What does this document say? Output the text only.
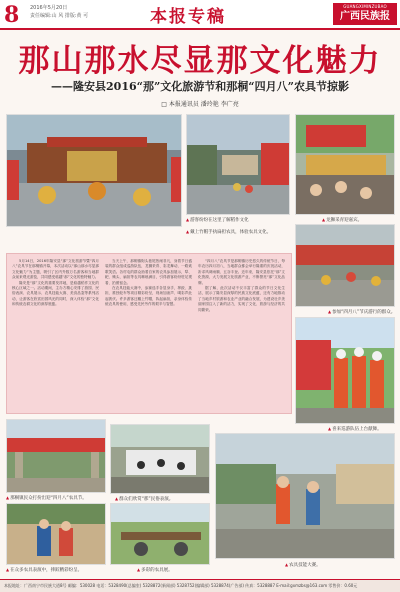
8 2016年5月20日
责任编辑:山 风 排版:黄 可	本报专稿
GUANGXIMINZUBAO
广西民族报
那山那水尽显那文化魅力
——隆安县2016“那”文化旅游节和那桐“四月八”农具节掠影
□ 本报通讯员 潘玲艳 李广亮
▲ 游客纷纷在这里了解稻作文化
▲	龙狮采青迎嘉宾。
▲ 参加“四月八”节庆游行的群众。

5月14日，2016年隆安县“那”文化旅游节暨“四月八”农具节在那桐镇开幕，本次活动以“那山那水尽显那文化魅力”为主题，吸引了区内外数万名游客和当地群众前来观光游览，共同感受骆越“那”文化的独特魅力。

隆安是“那”文化的重要发祥地，是骆越稻作文化的核心区域之一。活动期间，主办方精心安排了游园、民俗表演、农具展示、农具技能大赛、美食品鉴等系列活动，让游客在欣赏田园风光的同时，深入体验“那”文化和传统农耕文化的深厚底蕴。

当天上午，那桐镇街头巷尾热闹非凡，身着节日盛装的群众组成巡游队伍，龙狮采青、彩龙舞动，一路欢歌笑语。各村屯的群众抬着自家的农具参加展示，犁、耙、锄头、扁担等农具琳琅满目，引得游客纷纷驻足观看、拍照留念。

在农具技能大赛中，参赛选手各显身手，摔跤、挑担、推独轮车等项目精彩纷呈，现场加油声、喝彩声此起彼伏。许多游客还戴上竹帽，执起扁担，亲身体验传统农具的使用，感受先民劳作的艰辛与智慧。

“四月八”农具节是那桐镇历史悠久的传统节日，每年农历四月初八，当地群众都会举行隆重的庆祝活动，祈求风调雨顺、五谷丰登。近年来，隆安县依托“那”文化资源，大力发展文化旅游产业，不断擦亮“那”文化品牌。

据了解，此次活动不仅丰富了群众的节日文化生活，展示了隆安县深厚的民族文化底蕴，还有力地推动了当地乡村旅游和农业产业的融合发展，为建设壮乡美丽家园注入了新的活力，实现了文化、旅游与经济的共同繁荣。

▲ 喜来巡游队伍上台献舞。
▲ 那桐镇民众打扮出迎“四月八”农具节。
▲ 在众多农具表演中，摔跤精彩纷呈。
▲ 群众们欣赏“那”民俗表演。
▲ 多彩的农具展。
▲ 农具技能大赛。
▲ 戴上竹帽手执扁担农具，体验农具文化。
本报地址：广西南宁市民族大道8号 邮编：530028 电话：5328490(总编室) 5328872(新闻部) 5328752(编辑部) 5328874(广告部) 传真：5328887 E-mail:gxmzbs@163.com 零售价：0.60元
